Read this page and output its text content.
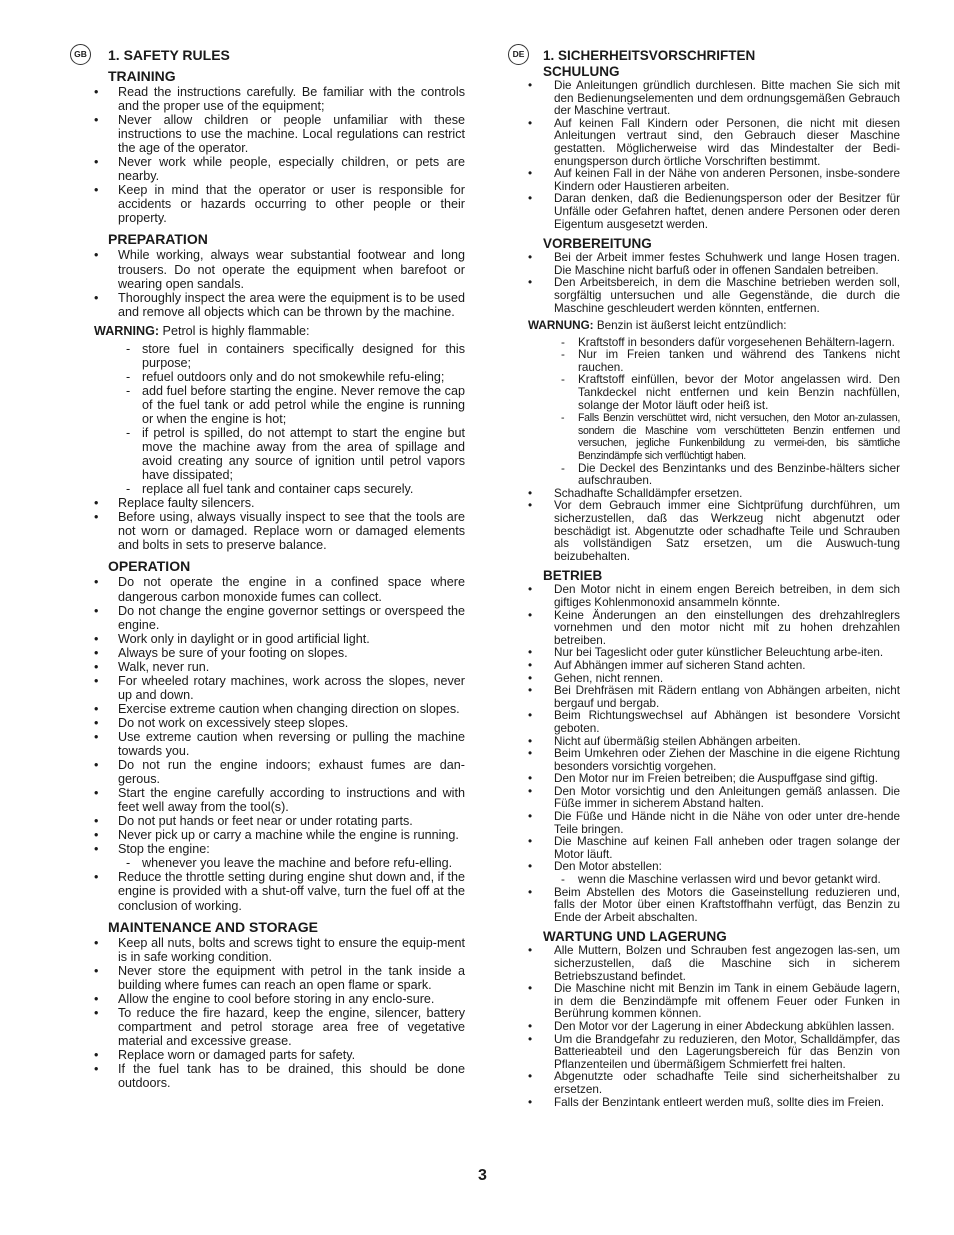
GB 1. SAFETY RULES
TRAINING
• Read the instructions carefully. Be familiar with the controls and the proper use of the equipment;
• Never allow children or people unfamiliar with these instructions to use the machine. Local regulations can restrict the age of the operator.
• Never work while people, especially children, or pets are nearby.
• Keep in mind that the operator or user is responsible for accidents or hazards occurring to other people or their property.
PREPARATION
• While working, always wear substantial footwear and long trousers. Do not operate the equipment when barefoot or wearing open sandals.
• Thoroughly inspect the area were the equipment is to be used and remove all objects which can be thrown by the machine.
WARNING: Petrol is highly flammable:
- store fuel in containers specifically designed for this purpose;
- refuel outdoors only and do not smokewhile refu-eling;
- add fuel before starting the engine. Never remove the cap of the fuel tank or add petrol while the engine is running or when the engine is hot;
- if petrol is spilled, do not attempt to start the engine but move the machine away from the area of spillage and avoid creating any source of ignition until petrol vapors have dissipated;
- replace all fuel tank and container caps securely.
• Replace faulty silencers.
• Before using, always visually inspect to see that the tools are not worn or damaged. Replace worn or damaged elements and bolts in sets to preserve balance.
OPERATION
• Do not operate the engine in a confined space where dangerous carbon monoxide fumes can collect.
• Do not change the engine governor settings or overspeed the engine.
• Work only in daylight or in good artificial light.
• Always be sure of your footing on slopes.
• Walk, never run.
• For wheeled rotary machines, work across the slopes, never up and down.
• Exercise extreme caution when changing direction on slopes.
• Do not work on excessively steep slopes.
• Use extreme caution when reversing or pulling the machine towards you.
• Do not run the engine indoors; exhaust fumes are dan-gerous.
• Start the engine carefully according to instructions and with feet well away from the tool(s).
• Do not put hands or feet near or under rotating parts.
• Never pick up or carry a machine while the engine is running.
• Stop the engine:
- whenever you leave the machine and before refu-elling.
• Reduce the throttle setting during engine shut down and, if the engine is provided with a shut-off valve, turn the fuel off at the conclusion of working.
MAINTENANCE AND STORAGE
• Keep all nuts, bolts and screws tight to ensure the equip-ment is in safe working condition.
• Never store the equipment with petrol in the tank inside a building where fumes can reach an open flame or spark.
• Allow the engine to cool before storing in any enclo-sure.
• To reduce the fire hazard, keep the engine, silencer, battery compartment and petrol storage area free of vegetative material and excessive grease.
• Replace worn or damaged parts for safety.
• If the fuel tank has to be drained, this should be done outdoors.
DE	1. SICHERHEITSVORSCHRIFTEN
SCHULUNG
• Die Anleitungen gründlich durchlesen. Bitte machen Sie sich mit den Bedienungselementen und dem ordnungsgemäßen Gebrauch der Maschine vertraut.
• Auf keinen Fall Kindern oder Personen, die nicht mit diesen Anleitungen vertraut sind, den Gebrauch dieser Maschine gestatten. Möglicherweise wird das Mindestalter der Bedi-enungsperson durch örtliche Vorschriften bestimmt.
• Auf keinen Fall in der Nähe von anderen Personen, insbe-sondere Kindern oder Haustieren arbeiten.
• Daran denken, daß die Bedienungsperson oder der Besitzer für Unfälle oder Gefahren haftet, denen andere Personen oder deren Eigentum ausgesetzt werden.
VORBEREITUNG
• Bei der Arbeit immer festes Schuhwerk und lange Hosen tragen. Die Maschine nicht barfuß oder in offenen Sandalen betreiben.
• Den Arbeitsbereich, in dem die Maschine betrieben werden soll, sorgfältig untersuchen und alle Gegenstände, die durch die Maschine geschleudert werden könnten, entfernen.
WARNUNG: Benzin ist äußerst leicht entzündlich:
- Kraftstoff in besonders dafür vorgesehenen Behältern-lagern.
- Nur im Freien tanken und während des Tankens nicht rauchen.
- Kraftstoff einfüllen, bevor der Motor angelassen wird. Den Tankdeckel nicht entfernen und kein Benzin nachfüllen, solange der Motor läuft oder heiß ist.
- Falls Benzin verschüttet wird, nicht versuchen, den Motor an-zulassen, sondern die Maschine vom verschütteten Benzin entfernen und versuchen, jegliche Funkenbildung zu vermei-den, bis sämtliche Benzindämpfe sich verflüchtigt haben.
- Die Deckel des Benzintanks und des Benzinbe-hälters sicher aufschrauben.
• Schadhafte Schalldämpfer ersetzen.
• Vor dem Gebrauch immer eine Sichtprüfung durchführen, um sicherzustellen, daß das Werkzeug nicht abgenutzt oder beschädigt ist. Abgenutzte oder schadhafte Teile und Schrauben als vollständigen Satz ersetzen, um die Auswuch-tung beizubehalten.
BETRIEB
• Den Motor nicht in einem engen Bereich betreiben, in dem sich giftiges Kohlenmonoxid ansammeln könnte.
• Keine Änderungen an den einstellungen des drehzahlreglers vornehmen und den motor nicht mit zu hohen drehzahlen betreiben.
• Nur bei Tageslicht oder guter künstlicher Beleuchtung arbe-iten.
• Auf Abhängen immer auf sicheren Stand achten.
• Gehen, nicht rennen.
• Bei Drehfräsen mit Rädern entlang von Abhängen arbeiten, nicht bergauf und bergab.
• Beim Richtungswechsel auf Abhängen ist besondere Vorsicht geboten.
• Nicht auf übermäßig steilen Abhängen arbeiten.
• Beim Umkehren oder Ziehen der Maschine in die eigene Richtung besonders vorsichtig vorgehen.
• Den Motor nur im Freien betreiben; die Auspuffgase sind giftig.
• Den Motor vorsichtig und den Anleitungen gemäß anlassen. Die Füße immer in sicherem Abstand halten.
• Die Füße und Hände nicht in die Nähe von oder unter dre-hende Teile bringen.
• Die Maschine auf keinen Fall anheben oder tragen solange der Motor läuft.
• Den Motor abstellen:
- wenn die Maschine verlassen wird und bevor getankt wird.
• Beim Abstellen des Motors die Gaseinstellung reduzieren und, falls der Motor über einen Kraftstoffhahn verfügt, das Benzin zu Ende der Arbeit abschalten.
WARTUNG UND LAGERUNG
• Alle Muttern, Bolzen und Schrauben fest angezogen las-sen, um sicherzustellen, daß die Maschine sich in sicherem Betriebszustand befindet.
• Die Maschine nicht mit Benzin im Tank in einem Gebäude lagern, in dem die Benzindämpfe mit offenem Feuer oder Funken in Berührung kommen können.
• Den Motor vor der Lagerung in einer Abdeckung abkühlen lassen.
• Um die Brandgefahr zu reduzieren, den Motor, Schalldämpfer, das Batterieabteil und den Lagerungsbereich für das Benzin von Pflanzenteilen und übermäßigem Schmierfett frei halten.
• Abgenutzte oder schadhafte Teile sind sicherheitshalber zu ersetzen.
• Falls der Benzintank entleert werden muß, sollte dies im Freien.
3
